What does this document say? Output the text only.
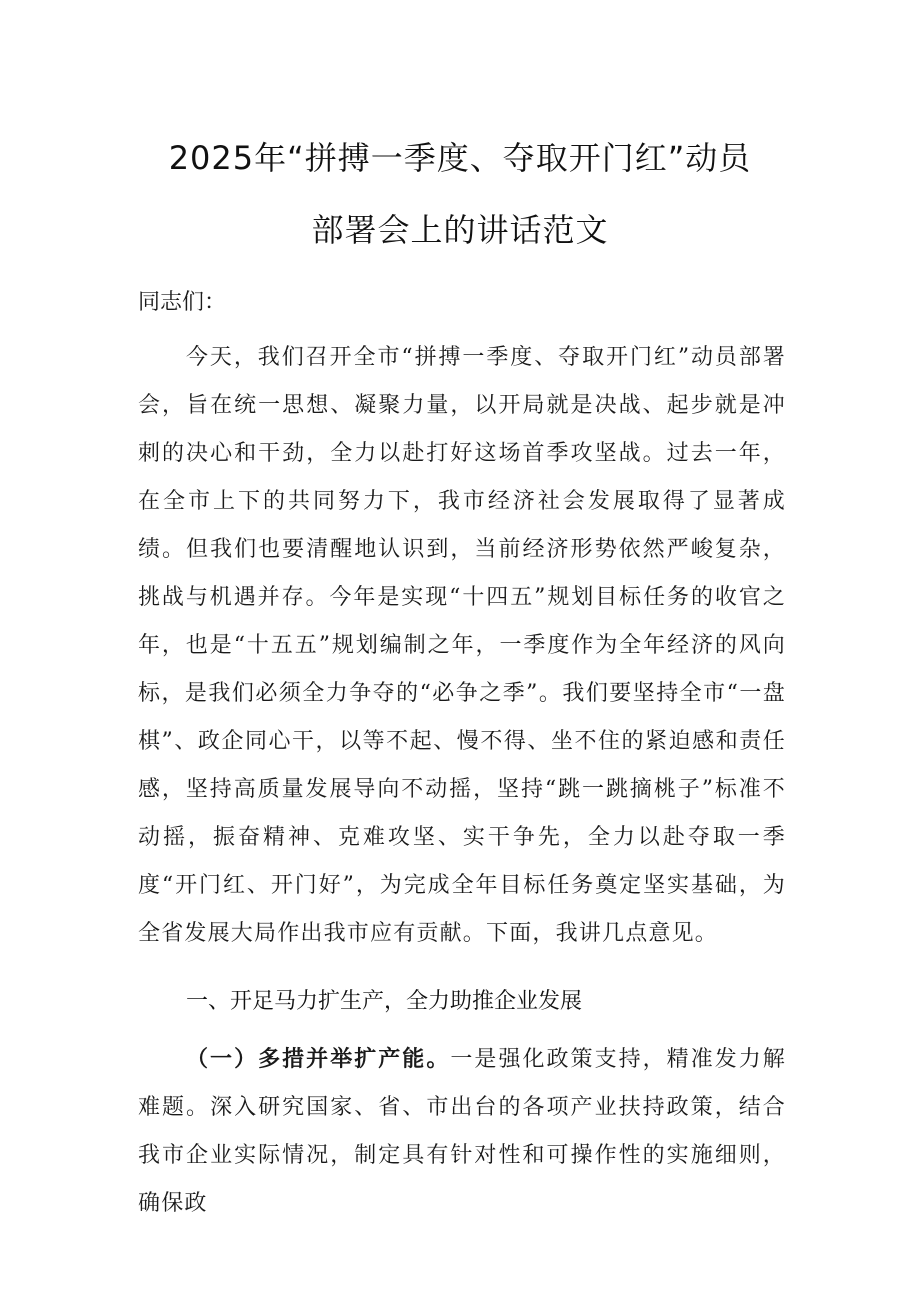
2025年“拼搏一季度、夺取开门红”动员
部署会上的讲话范文
同志们：
今天，我们召开全市“拼搏一季度、夺取开门红”动员部署会，旨在统一思想、凝聚力量，以开局就是决战、起步就是冲刺的决心和干劲，全力以赴打好这场首季攻坚战。过去一年，在全市上下的共同努力下，我市经济社会发展取得了显著成绩。但我们也要清醒地认识到，当前经济形势依然严峻复杂，挑战与机遇并存。今年是实现“十四五”规划目标任务的收官之年，也是“十五五”规划编制之年，一季度作为全年经济的风向标，是我们必须全力争夺的“必争之季”。我们要坚持全市“一盘棋”、政企同心干，以等不起、慢不得、坐不住的紧迫感和责任感，坚持高质量发展导向不动摇，坚持“跳一跳摘桃子”标准不动摇，振奋精神、克难攻坚、实干争先，全力以赴夺取一季度“开门红、开门好”，为完成全年目标任务奠定坚实基础，为全省发展大局作出我市应有贡献。下面，我讲几点意见。
一、开足马力扩生产，全力助推企业发展
（一）多措并举扩产能。一是强化政策支持，精准发力解难题。深入研究国家、省、市出台的各项产业扶持政策，结合我市企业实际情况，制定具有针对性和可操作性的实施细则，确保政
